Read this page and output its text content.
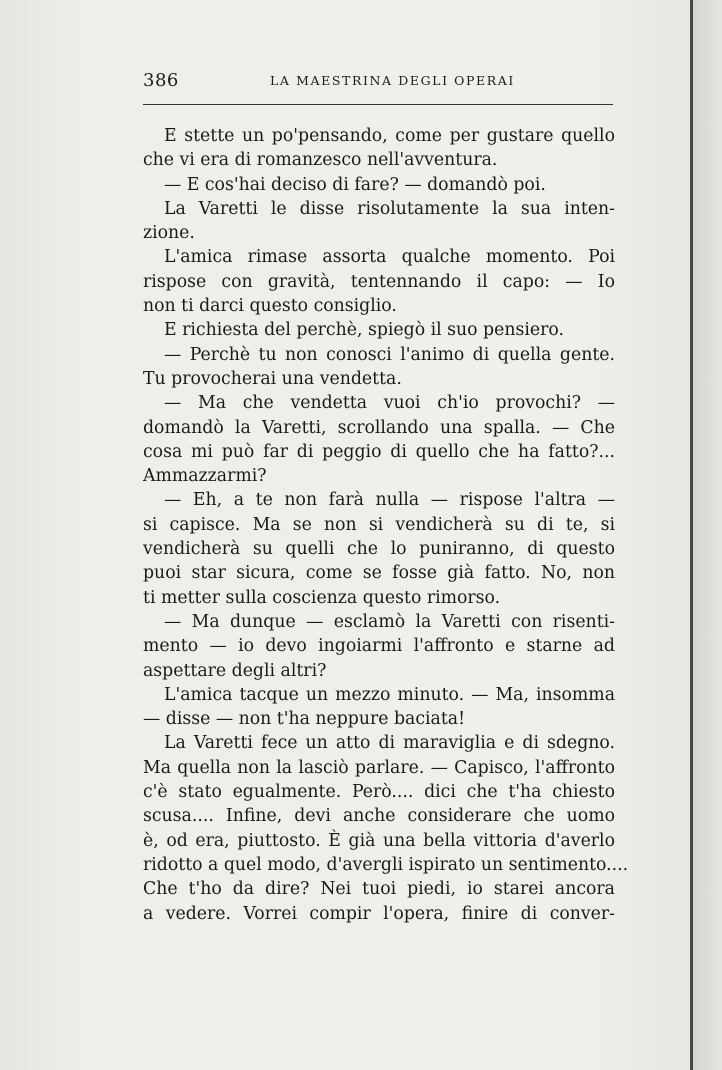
386	LA MAESTRINA DEGLI OPERAI
E stette un po'pensando, come per gustare quello
che vi era di romanzesco nell'avventura.
— E cos'hai deciso di fare? — domandò poi.
La Varetti le disse risolutamente la sua inten-
zione.
L'amica rimase assorta qualche momento. Poi
rispose con gravità, tentennando il capo: — Io
non ti darci questo consiglio.
E richiesta del perchè, spiegò il suo pensiero.
— Perchè tu non conosci l'animo di quella gente.
Tu provocherai una vendetta.
— Ma che vendetta vuoi ch'io provochi? —
domandò la Varetti, scrollando una spalla. — Che
cosa mi può far di peggio di quello che ha fatto?...
Ammazzarmi?
— Eh, a te non farà nulla — rispose l'altra —
si capisce. Ma se non si vendicherà su di te, si
vendicherà su quelli che lo puniranno, di questo
puoi star sicura, come se fosse già fatto. No, non
ti metter sulla coscienza questo rimorso.
— Ma dunque — esclamò la Varetti con risenti-
mento — io devo ingoiarmi l'affronto e starne ad
aspettare degli altri?
L'amica tacque un mezzo minuto. — Ma, insomma
— disse — non t'ha neppure baciata!
La Varetti fece un atto di maraviglia e di sdegno.
Ma quella non la lasciò parlare. — Capisco, l'affronto
c'è stato egualmente. Però.... dici che t'ha chiesto
scusa.... Infine, devi anche considerare che uomo
è, od era, piuttosto. È già una bella vittoria d'averlo
ridotto a quel modo, d'avergli ispirato un sentimento....
Che t'ho da dire? Nei tuoi piedi, io starei ancora
a vedere. Vorrei compir l'opera, finire di conver-
